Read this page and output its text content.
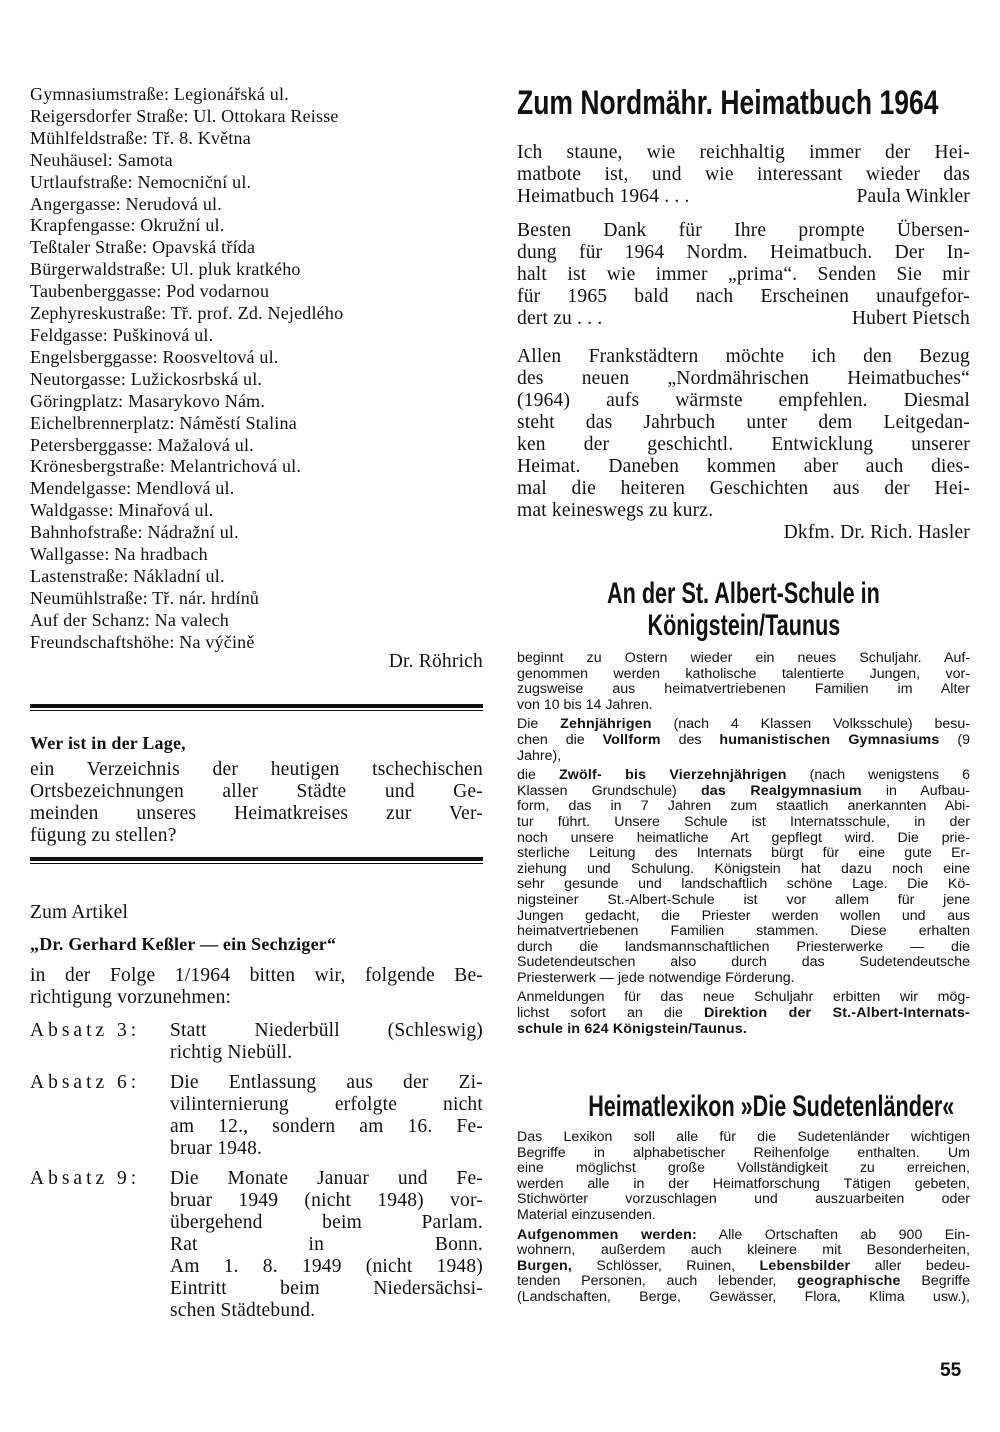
Gymnasiumstraße: Legionářská ul.
Reigersdorfer Straße: Ul. Ottokara Reisse
Mühlfeldstraße: Tř. 8. Května
Neuhäusel: Samota
Urtlaufstraße: Nemocniční ul.
Angergasse: Nerudová ul.
Krapfengasse: Okružní ul.
Teßtaler Straße: Opavská třída
Bürgerwaldstraße: Ul. pluk kratkého
Taubenberggasse: Pod vodarnou
Zephyreskustraße: Tř. prof. Zd. Nejedlého
Feldgasse: Puškinová ul.
Engelsberggasse: Roosveltová ul.
Neutorgasse: Lužickosrbská ul.
Göringplatz: Masarykovo Nám.
Eichelbrennerplatz: Náměstí Stalina
Petersberggasse: Mažalová ul.
Krönesbergstraße: Melantrichová ul.
Mendelgasse: Mendlová ul.
Waldgasse: Minařová ul.
Bahnhofstraße: Nádražní ul.
Wallgasse: Na hradbach
Lastenstraße: Nákladní ul.
Neumühlstraße: Tř. nár. hrdínů
Auf der Schanz: Na valech
Freundschaftshöhe: Na výčině
Dr. Röhrich
Wer ist in der Lage,
ein Verzeichnis der heutigen tschechischen
Ortsbezeichnungen aller Städte und Ge-
meinden unseres Heimatkreises zur Ver-
fügung zu stellen?
Zum Artikel
„Dr. Gerhard Keßler — ein Sechziger“
in der Folge 1/1964 bitten wir, folgende Be-
richtigung vorzunehmen:
Absatz 3:	Statt Niederbüll (Schleswig)
richtig Niebüll.
Absatz 6:	Die Entlassung aus der Zi-
vilinternierung erfolgte nicht
am 12., sondern am 16. Fe-
bruar 1948.
Absatz 9:	Die Monate Januar und Fe-
bruar 1949 (nicht 1948) vor-
übergehend beim Parlam.
Rat in Bonn.
Am 1. 8. 1949 (nicht 1948)
Eintritt beim Niedersächsi-
schen Städtebund.
Zum Nordmähr. Heimatbuch 1964
Ich staune, wie reichhaltig immer der Hei-
matbote ist, und wie interessant wieder das
Heimatbuch 1964 . . .	Paula Winkler
Besten Dank für Ihre prompte Übersen-
dung für 1964 Nordm. Heimatbuch. Der In-
halt ist wie immer „prima“. Senden Sie mir
für 1965 bald nach Erscheinen unaufgefor-
dert zu . . .	Hubert Pietsch
Allen Frankstädtern möchte ich den Bezug
des neuen „Nordmährischen Heimatbuches“
(1964) aufs wärmste empfehlen. Diesmal
steht das Jahrbuch unter dem Leitgedan-
ken der geschichtl. Entwicklung unserer
Heimat. Daneben kommen aber auch dies-
mal die heiteren Geschichten aus der Hei-
mat keineswegs zu kurz.
Dkfm. Dr. Rich. Hasler
An der St. Albert-Schule in
Königstein/Taunus
beginnt zu Ostern wieder ein neues Schuljahr. Auf-
genommen werden katholische talentierte Jungen, vor-
zugsweise aus heimatvertriebenen Familien im Alter
von 10 bis 14 Jahren.
Die Zehnjährigen (nach 4 Klassen Volksschule) besu-
chen die Vollform des humanistischen Gymnasiums (9
Jahre),
die Zwölf- bis Vierzehnjährigen (nach wenigstens 6
Klassen Grundschule) das Realgymnasium in Aufbau-
form, das in 7 Jahren zum staatlich anerkannten Abi-
tur führt. Unsere Schule ist Internatsschule, in der
noch unsere heimatliche Art gepflegt wird. Die prie-
sterliche Leitung des Internats bürgt für eine gute Er-
ziehung und Schulung. Königstein hat dazu noch eine
sehr gesunde und landschaftlich schöne Lage. Die Kö-
nigsteiner St.-Albert-Schule ist vor allem für jene
Jungen gedacht, die Priester werden wollen und aus
heimatvertriebenen Familien stammen. Diese erhalten
durch die landsmannschaftlichen Priesterwerke — die
Sudetendeutschen also durch das Sudetendeutsche
Priesterwerk — jede notwendige Förderung.
Anmeldungen für das neue Schuljahr erbitten wir mög-
lichst sofort an die Direktion der St.-Albert-Internats-
schule in 624 Königstein/Taunus.
Heimatlexikon »Die Sudetenländer«
Das Lexikon soll alle für die Sudetenländer wichtigen
Begriffe in alphabetischer Reihenfolge enthalten. Um
eine möglichst große Vollständigkeit zu erreichen,
werden alle in der Heimatforschung Tätigen gebeten,
Stichwörter vorzuschlagen und auszuarbeiten oder
Material einzusenden.
Aufgenommen werden: Alle Ortschaften ab 900 Ein-
wohnern, außerdem auch kleinere mit Besonderheiten,
Burgen, Schlösser, Ruinen, Lebensbilder aller bedeu-
tenden Personen, auch lebender, geographische Begriffe
(Landschaften, Berge, Gewässer, Flora, Klima usw.),
55
